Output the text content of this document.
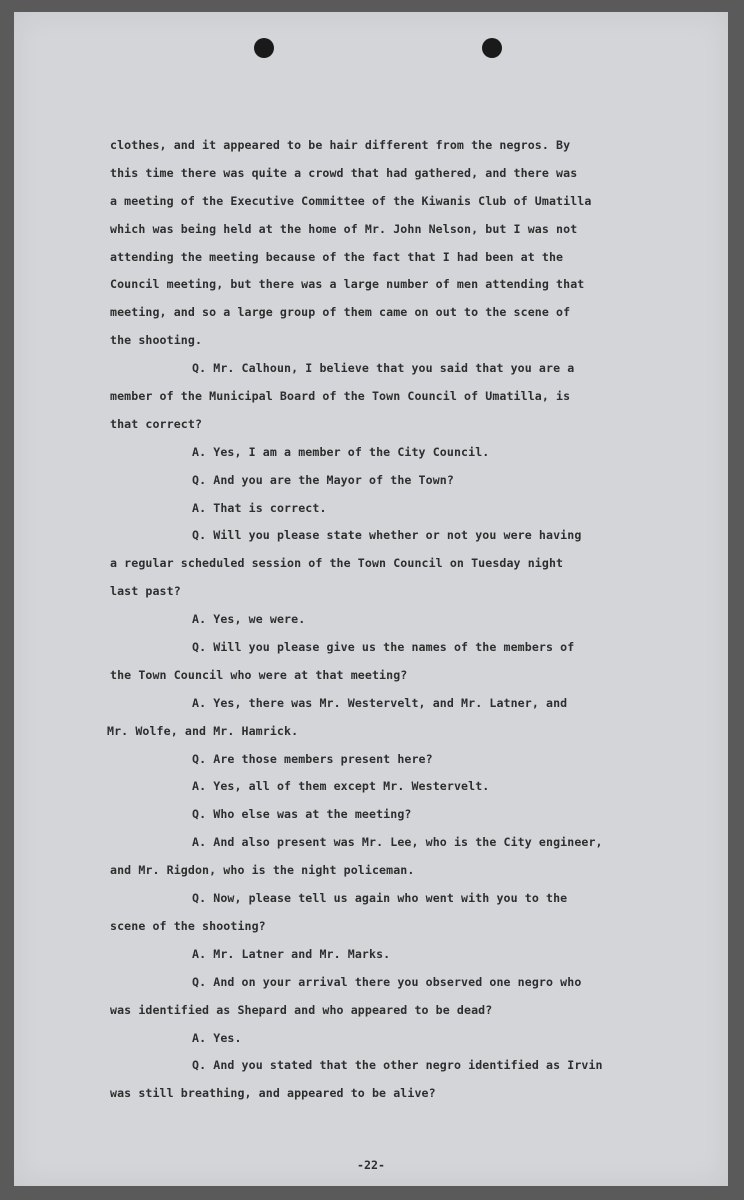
clothes, and it appeared to be hair different from the negros. By
this time there was quite a crowd that had gathered, and there was
a meeting of the Executive Committee of the Kiwanis Club of Umatilla
which was being held at the home of Mr. John Nelson, but I was not
attending the meeting because of the fact that I had been at the
Council meeting, but there was a large number of men attending that
meeting, and so a large group of them came on out to the scene of
the shooting.
Q. Mr. Calhoun, I believe that you said that you are a
member of the Municipal Board of the Town Council of Umatilla, is
that correct?
A. Yes, I am a member of the City Council.
Q. And you are the Mayor of the Town?
A. That is correct.
Q. Will you please state whether or not you were having
a regular scheduled session of the Town Council on Tuesday night
last past?
A. Yes, we were.
Q. Will you please give us the names of the members of
the Town Council who were at that meeting?
A. Yes, there was Mr. Westervelt, and Mr. Latner, and
Mr. Wolfe, and Mr. Hamrick.
Q. Are those members present here?
A. Yes, all of them except Mr. Westervelt.
Q. Who else was at the meeting?
A. And also present was Mr. Lee, who is the City engineer,
and Mr. Rigdon, who is the night policeman.
Q. Now, please tell us again who went with you to the
scene of the shooting?
A. Mr. Latner and Mr. Marks.
Q. And on your arrival there you observed one negro who
was identified as Shepard and who appeared to be dead?
A. Yes.
Q. And you stated that the other negro identified as Irvin
was still breathing, and appeared to be alive?
-22-
